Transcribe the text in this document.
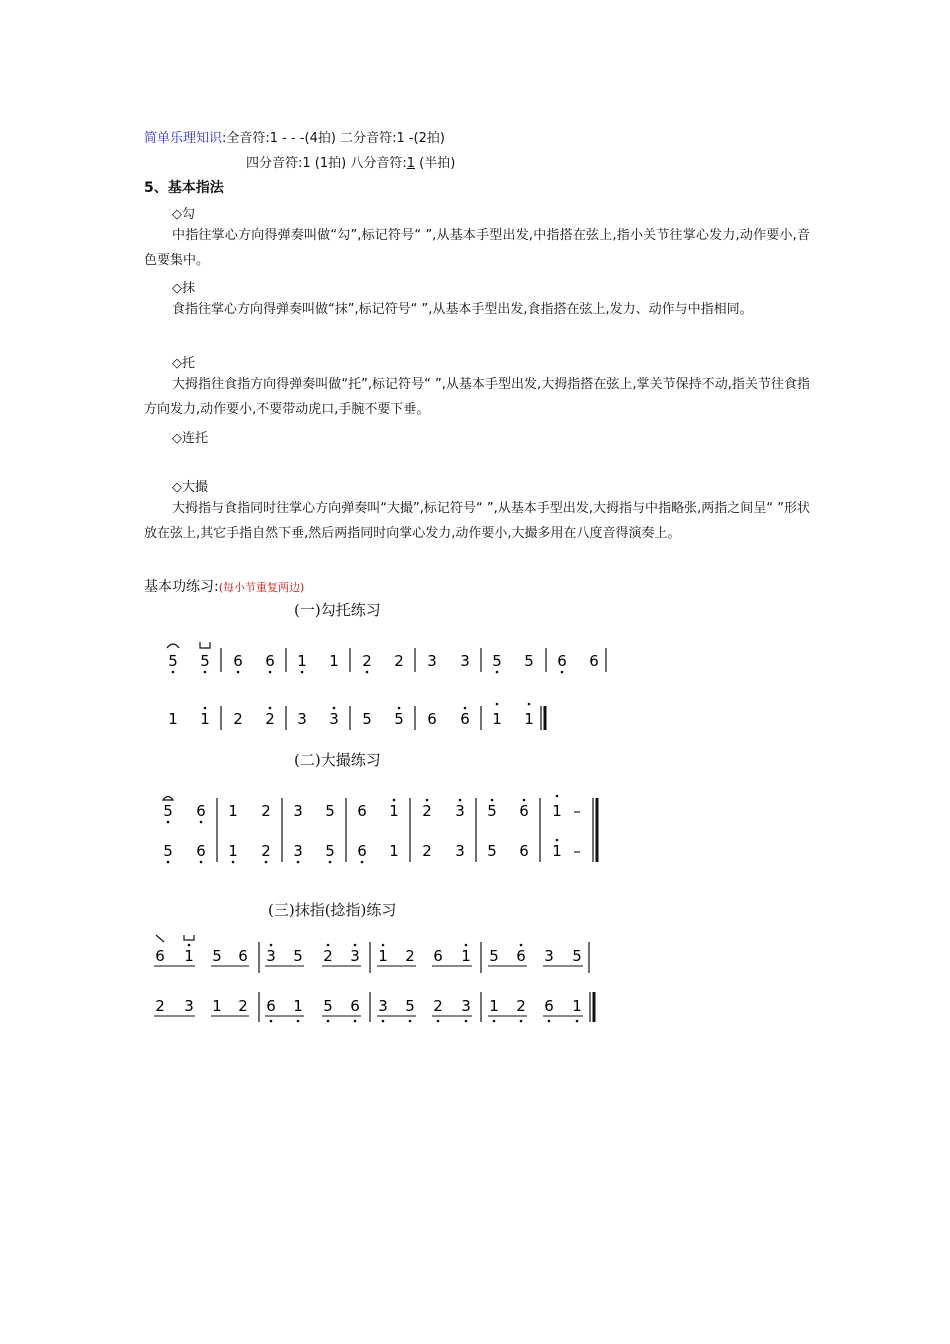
简单乐理知识:全音符:1 - - -(4拍) 二分音符:1 -(2拍)
四分音符:1 (1拍) 八分音符:1 (半拍)
5、基本指法
◇勾
中指往掌心方向得弹奏叫做“勾”,标记符号“ ”,从基本手型出发,中指搭在弦上,指小关节往掌心发力,动作要小,音色要集中。
◇抹
食指往掌心方向得弹奏叫做“抹”,标记符号“ ”,从基本手型出发,食指搭在弦上,发力、动作与中指相同。
◇托
大拇指往食指方向得弹奏叫做“托”,标记符号“ ”,从基本手型出发,大拇指搭在弦上,掌关节保持不动,指关节往食指方向发力,动作要小,不要带动虎口,手腕不要下垂。
◇连托
◇大撮
大拇指与食指同时往掌心方向弹奏叫“大撮”,标记符号“ ”,从基本手型出发,大拇指与中指略张,两指之间呈“ ”形状放在弦上,其它手指自然下垂,然后两指同时向掌心发力,动作要小,大撮多用在八度音得演奏上。
基本功练习:(每小节重复两边)
(一)勾托练习
(二)大撮练习
(三)抹指(捻指)练习
5 5 6 6 1 1 2 2 3 3 5 5 6 6
1 1 2 2 3 3 5 5 6 6 1 1
5 6 1 2 3 5 6 1 2 3 5 6 1 –
5 6 1 2 3 5 6 1 2 3 5 6 1 –
6 1 5 6 3 5 2 3 1 2 6 1 5 6 3 5
2 3 1 2 6 1 5 6 3 5 2 3 1 2 6 1
